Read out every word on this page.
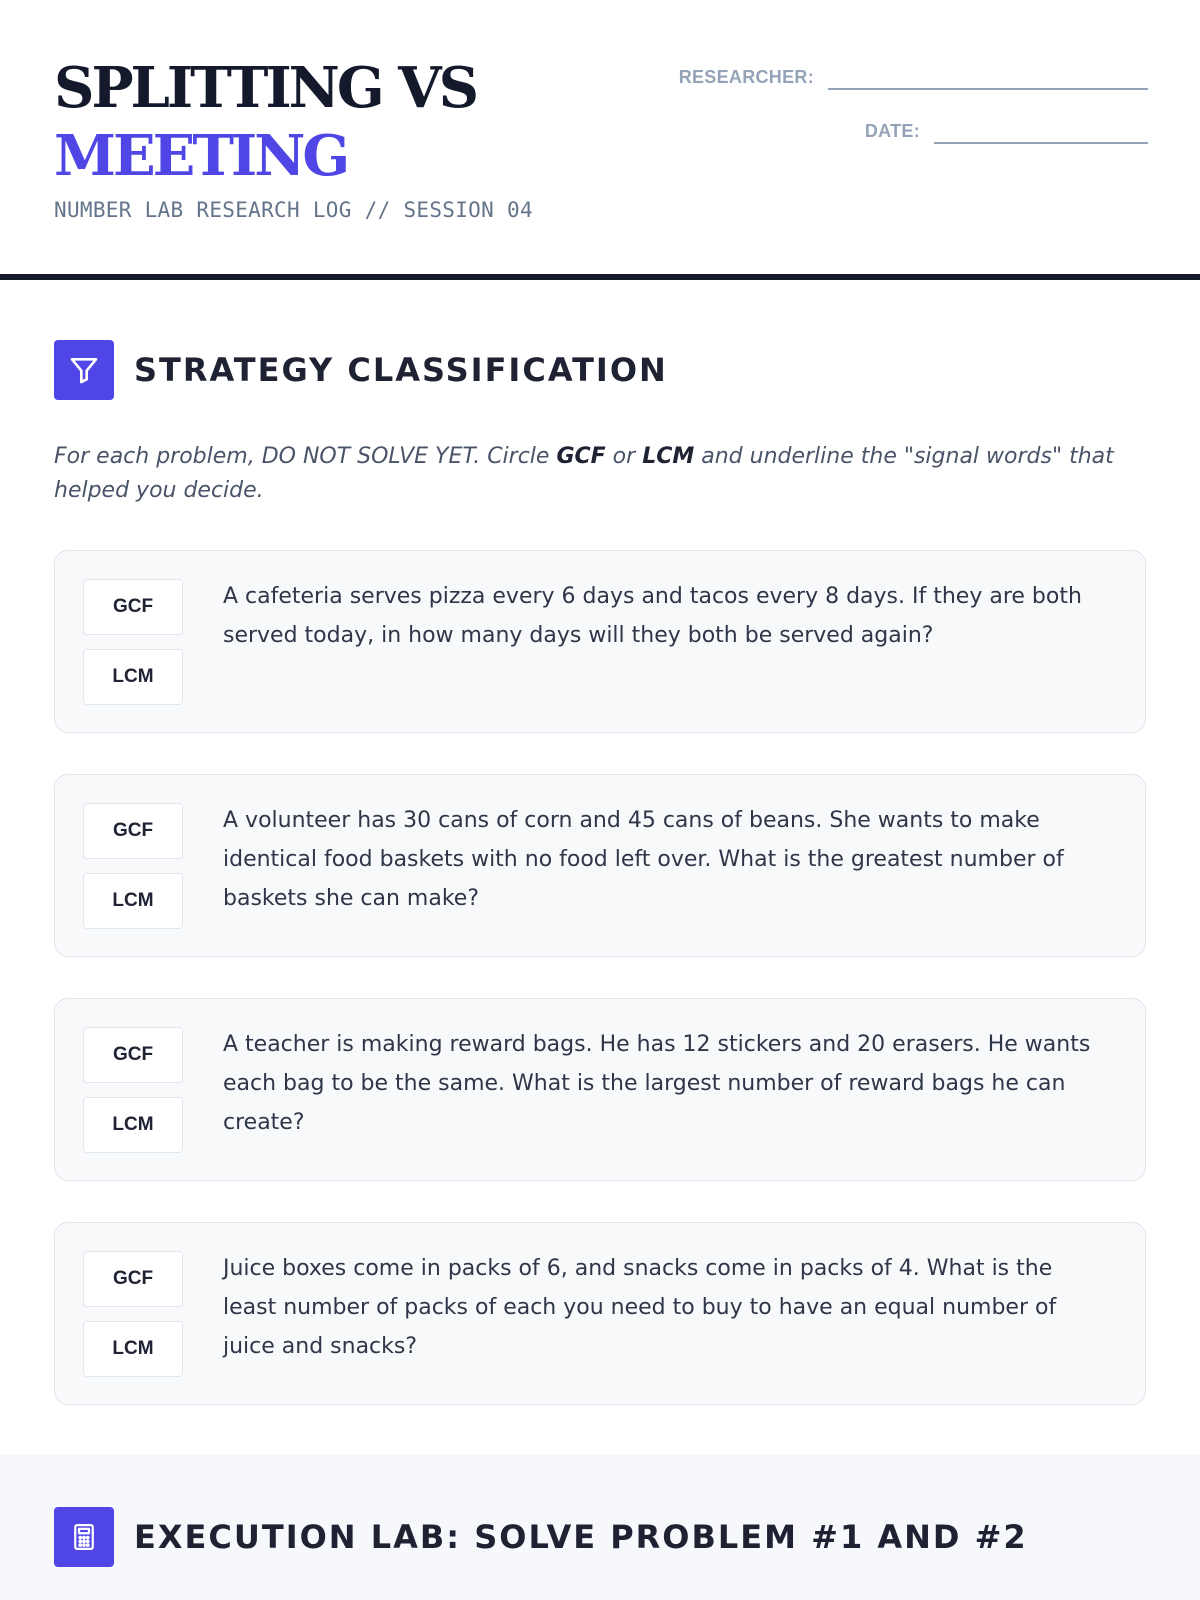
SPLITTING VS
MEETING
NUMBER LAB RESEARCH LOG // SESSION 04
RESEARCHER:
DATE:
STRATEGY CLASSIFICATION

For each problem, DO NOT SOLVE YET. Circle GCF or LCM and underline the "signal words" that helped you decide.

GCF
LCM

A cafeteria serves pizza every 6 days and tacos every 8 days. If they are both served today, in how many days will they both be served again?

GCF
LCM

A volunteer has 30 cans of corn and 45 cans of beans. She wants to make identical food baskets with no food left over. What is the greatest number of baskets she can make?

GCF
LCM

A teacher is making reward bags. He has 12 stickers and 20 erasers. He wants each bag to be the same. What is the largest number of reward bags he can create?

GCF
LCM

Juice boxes come in packs of 6, and snacks come in packs of 4. What is the least number of packs of each you need to buy to have an equal number of juice and snacks?

EXECUTION LAB: SOLVE PROBLEM #1 AND #2
